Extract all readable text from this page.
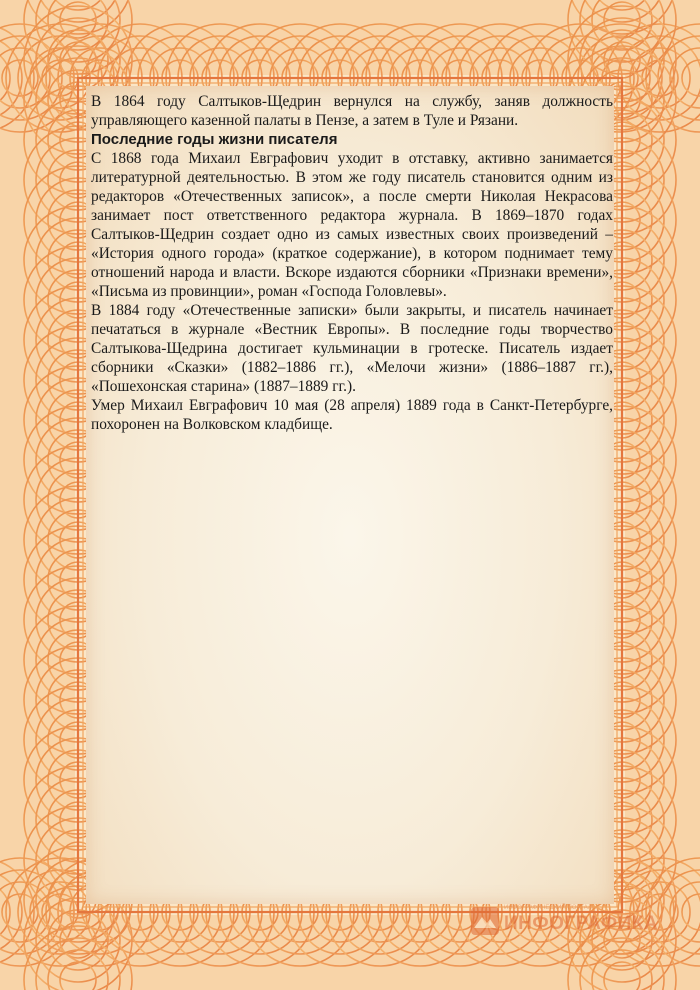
В 1864 году Салтыков-Щедрин вернулся на службу, заняв должность управляющего казенной палаты в Пензе, а затем в Туле и Рязани.

Последние годы жизни писателя

С 1868 года Михаил Евграфович уходит в отставку, активно занимается литературной деятельностью. В этом же году писатель становится одним из редакторов «Отечественных записок», а после смерти Николая Некрасова занимает пост ответственного редактора журнала. В 1869–1870 годах Салтыков-Щедрин создает одно из самых известных своих произведений – «История одного города» (краткое содержание), в котором поднимает тему отношений народа и власти. Вскоре издаются сборники «Признаки времени», «Письма из провинции», роман «Господа Головлевы».

В 1884 году «Отечественные записки» были закрыты, и писатель начинает печататься в журнале «Вестник Европы». В последние годы творчество Салтыкова-Щедрина достигает кульминации в гротеске. Писатель издает сборники «Сказки» (1882–1886 гг.), «Мелочи жизни» (1886–1887 гг.), «Пошехонская старина» (1887–1889 гг.).

Умер Михаил Евграфович 10 мая (28 апреля) 1889 года в Санкт-Петербурге, похоронен на Волковском кладбище.

ИНФОГРАФИЧЕСКИЙ ПОРТАЛ
ИНФОГРАФИКА
